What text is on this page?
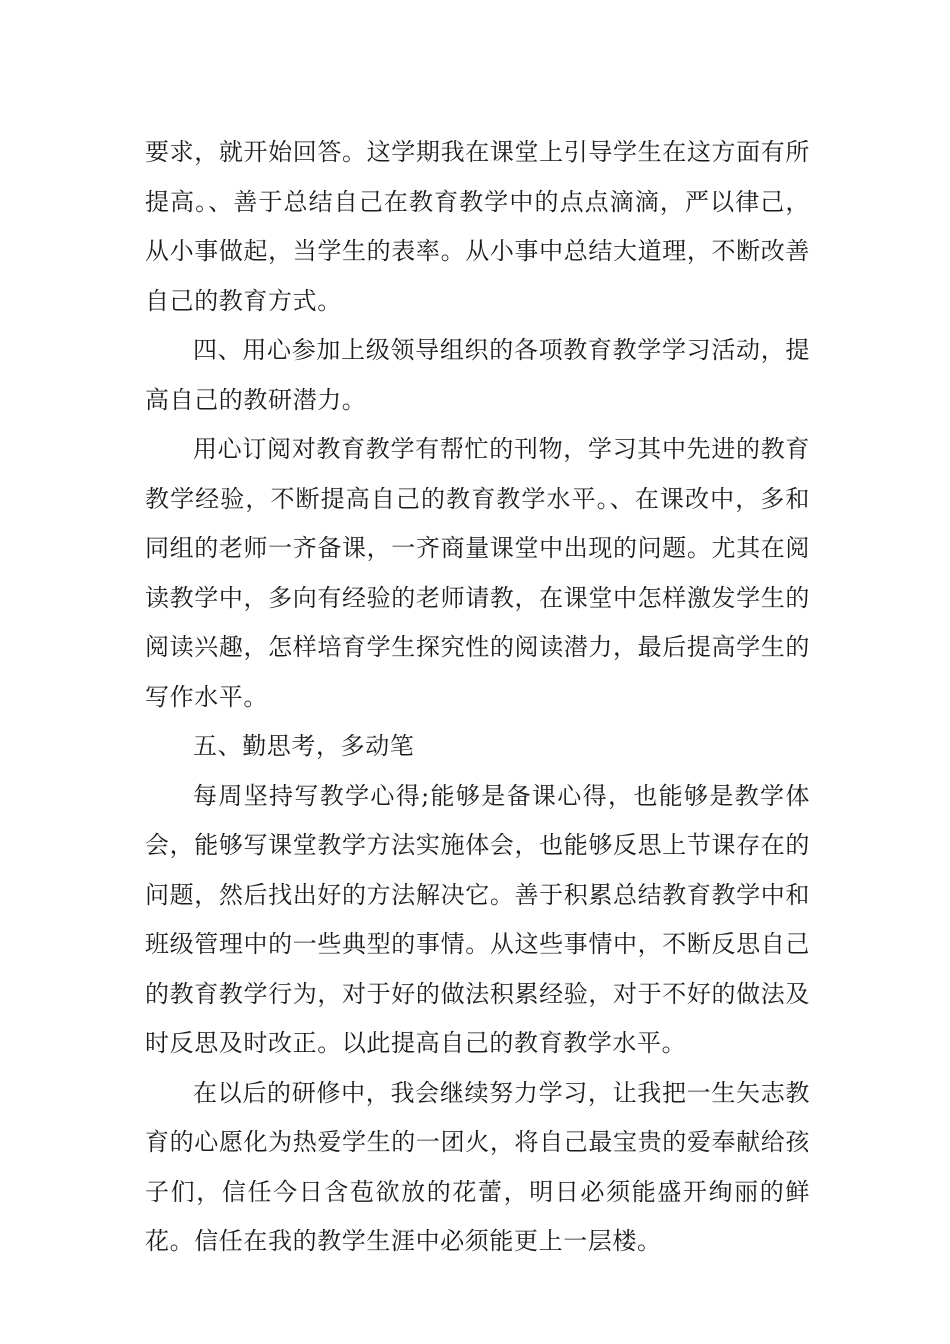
要求，就开始回答。这学期我在课堂上引导学生在这方面有所提高。、善于总结自己在教育教学中的点点滴滴，严以律己，从小事做起，当学生的表率。从小事中总结大道理，不断改善自己的教育方式。

四、用心参加上级领导组织的各项教育教学学习活动，提高自己的教研潜力。

用心订阅对教育教学有帮忙的刊物，学习其中先进的教育教学经验，不断提高自己的教育教学水平。、在课改中，多和同组的老师一齐备课，一齐商量课堂中出现的问题。尤其在阅读教学中，多向有经验的老师请教，在课堂中怎样激发学生的阅读兴趣，怎样培育学生探究性的阅读潜力，最后提高学生的写作水平。

五、勤思考，多动笔

每周坚持写教学心得;能够是备课心得，也能够是教学体会，能够写课堂教学方法实施体会，也能够反思上节课存在的问题，然后找出好的方法解决它。善于积累总结教育教学中和班级管理中的一些典型的事情。从这些事情中，不断反思自己的教育教学行为，对于好的做法积累经验，对于不好的做法及时反思及时改正。以此提高自己的教育教学水平。

在以后的研修中，我会继续努力学习，让我把一生矢志教育的心愿化为热爱学生的一团火，将自己最宝贵的爱奉献给孩子们，信任今日含苞欲放的花蕾，明日必须能盛开绚丽的鲜花。信任在我的教学生涯中必须能更上一层楼。
